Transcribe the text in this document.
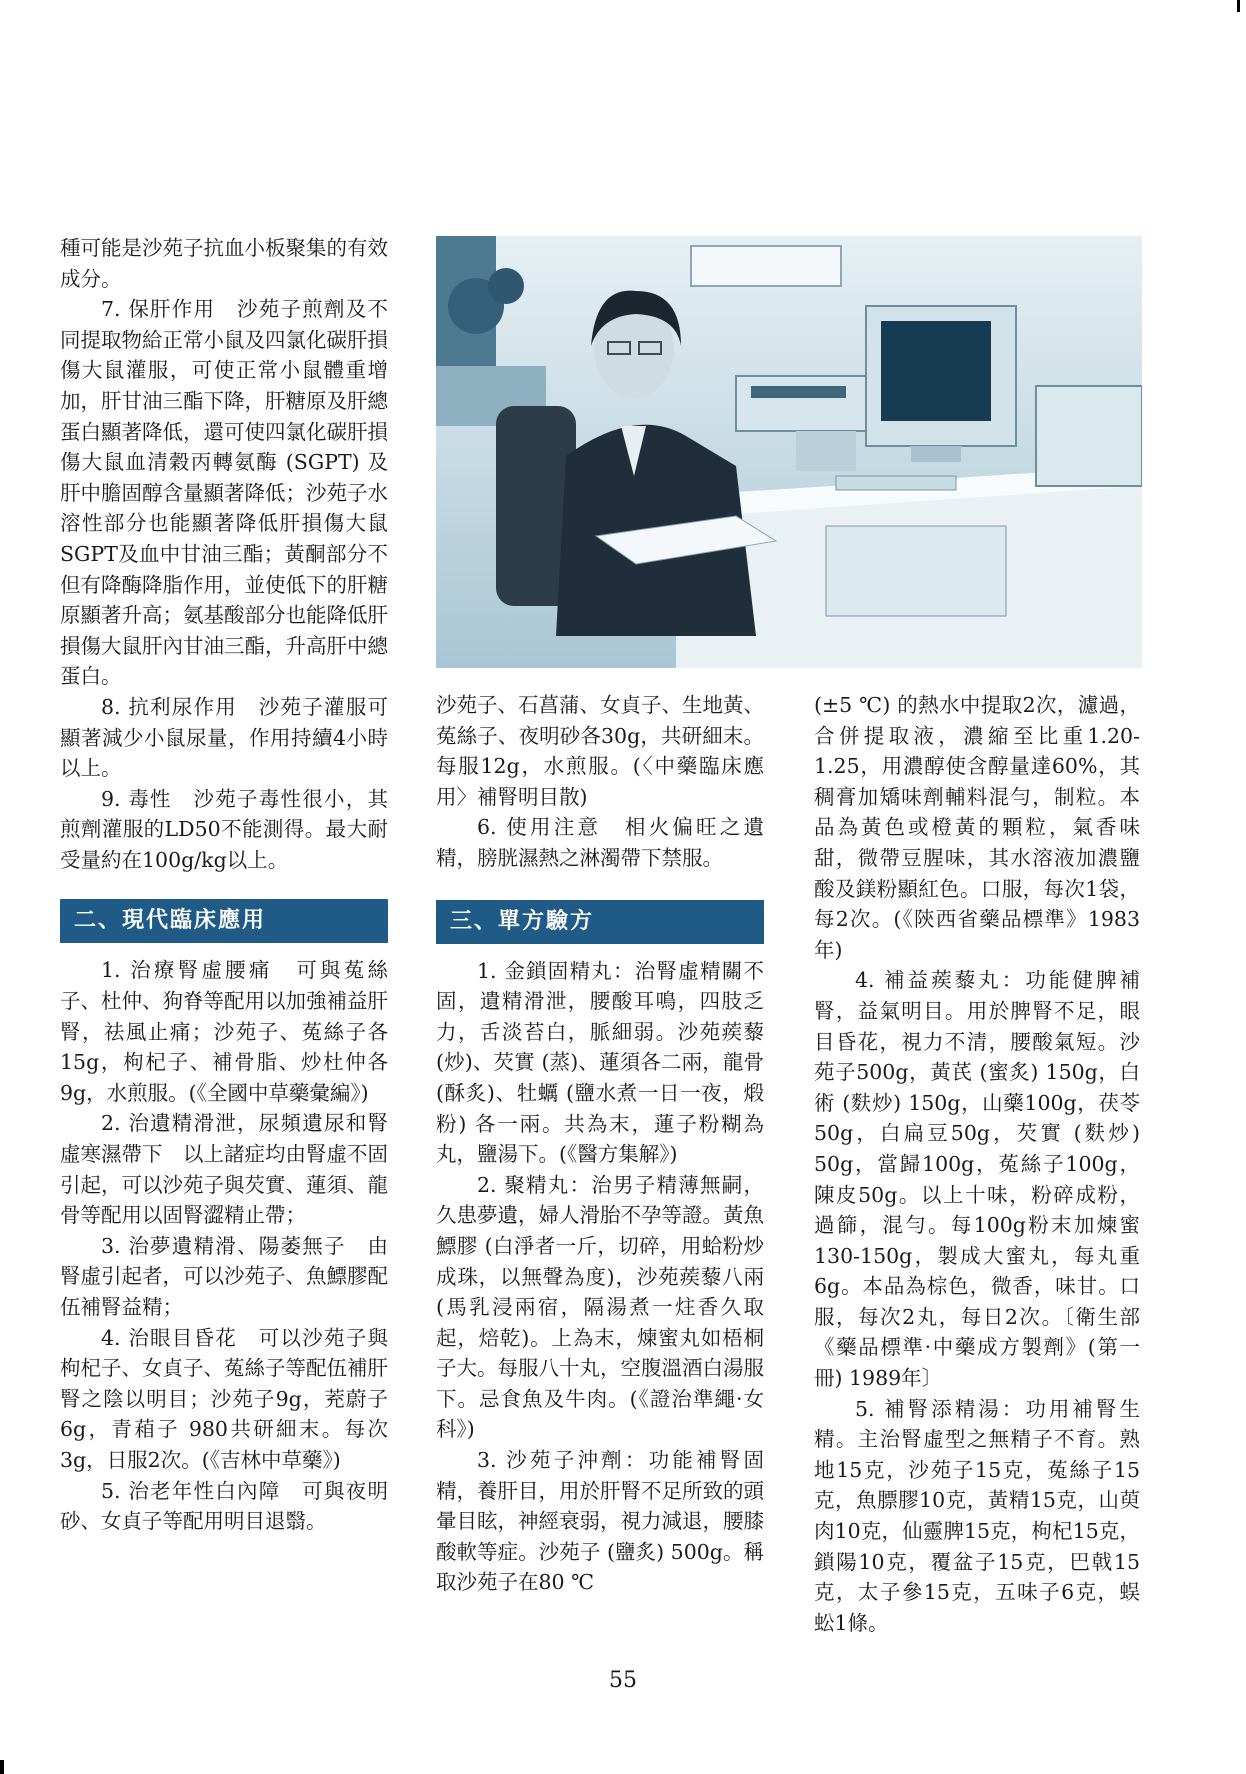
種可能是沙苑子抗血小板聚集的有效成分。

7. 保肝作用　沙苑子煎劑及不同提取物給正常小鼠及四氯化碳肝損傷大鼠灌服，可使正常小鼠體重增加，肝甘油三酯下降，肝糖原及肝總蛋白顯著降低，還可使四氯化碳肝損傷大鼠血清穀丙轉氨酶 (SGPT) 及肝中膽固醇含量顯著降低；沙苑子水溶性部分也能顯著降低肝損傷大鼠SGPT及血中甘油三酯；黃酮部分不但有降酶降脂作用，並使低下的肝糖原顯著升高；氨基酸部分也能降低肝損傷大鼠肝內甘油三酯，升高肝中總蛋白。

8. 抗利尿作用　沙苑子灌服可顯著減少小鼠尿量，作用持續4小時以上。

9. 毒性　沙苑子毒性很小，其煎劑灌服的LD50不能測得。最大耐受量約在100g/kg以上。

二、現代臨床應用

1. 治療腎虛腰痛　可與菟絲子、杜仲、狗脊等配用以加強補益肝腎，祛風止痛；沙苑子、菟絲子各15g，枸杞子、補骨脂、炒杜仲各9g，水煎服。(《全國中草藥彙編》)

2. 治遺精滑泄，尿頻遺尿和腎虛寒濕帶下　以上諸症均由腎虛不固引起，可以沙苑子與芡實、蓮須、龍骨等配用以固腎澀精止帶；

3. 治夢遺精滑、陽萎無子　由腎虛引起者，可以沙苑子、魚鰾膠配伍補腎益精；

4. 治眼目昏花　可以沙苑子與枸杞子、女貞子、菟絲子等配伍補肝腎之陰以明目；沙苑子9g，茺蔚子6g，青葙子 980共研細末。每次3g，日服2次。(《吉林中草藥》)

5. 治老年性白內障　可與夜明砂、女貞子等配用明目退翳。

沙苑子、石菖蒲、女貞子、生地黃、菟絲子、夜明砂各30g，共研細末。每服12g，水煎服。(〈中藥臨床應用〉補腎明目散)

6. 使用注意　相火偏旺之遺精，膀胱濕熱之淋濁帶下禁服。

三、單方驗方

1. 金鎖固精丸：治腎虛精關不固，遺精滑泄，腰酸耳鳴，四肢乏力，舌淡苔白，脈細弱。沙苑蒺藜 (炒)、芡實 (蒸)、蓮須各二兩，龍骨 (酥炙)、牡蠣 (鹽水煮一日一夜，煅粉) 各一兩。共為末，蓮子粉糊為丸，鹽湯下。(《醫方集解》)

2. 聚精丸：治男子精薄無嗣，久患夢遺，婦人滑胎不孕等證。黃魚鰾膠 (白淨者一斤，切碎，用蛤粉炒成珠，以無聲為度)，沙苑蒺藜八兩 (馬乳浸兩宿，隔湯煮一炷香久取起，焙乾)。上為末，煉蜜丸如梧桐子大。每服八十丸，空腹溫酒白湯服下。忌食魚及牛肉。(《證治準繩·女科》)

3. 沙苑子沖劑：功能補腎固精，養肝目，用於肝腎不足所致的頭暈目眩，神經衰弱，視力減退，腰膝酸軟等症。沙苑子 (鹽炙) 500g。稱取沙苑子在80 ℃

(±5 ℃) 的熱水中提取2次，濾過，合併提取液，濃縮至比重1.20-1.25，用濃醇使含醇量達60%，其稠膏加矯味劑輔料混勻，制粒。本品為黃色或橙黃的顆粒，氣香味甜，微帶豆腥味，其水溶液加濃鹽酸及鎂粉顯紅色。口服，每次1袋，每2次。(《陝西省藥品標準》1983年)

4. 補益蒺藜丸：功能健脾補腎，益氣明目。用於脾腎不足，眼目昏花，視力不清，腰酸氣短。沙苑子500g，黃芪 (蜜炙) 150g，白術 (麩炒) 150g，山藥100g，茯苓50g，白扁豆50g，芡實 (麩炒) 50g，當歸100g，菟絲子100g，陳皮50g。以上十味，粉碎成粉，過篩，混勻。每100g粉末加煉蜜130-150g，製成大蜜丸，每丸重6g。本品為棕色，微香，味甘。口服，每次2丸，每日2次。〔衛生部《藥品標準·中藥成方製劑》(第一冊) 1989年〕

5. 補腎添精湯：功用補腎生精。主治腎虛型之無精子不育。熟地15克，沙苑子15克，菟絲子15克，魚膘膠10克，黃精15克，山萸肉10克，仙靈脾15克，枸杞15克，鎖陽10克，覆盆子15克，巴戟15克，太子參15克，五味子6克，蜈蚣1條。

55
